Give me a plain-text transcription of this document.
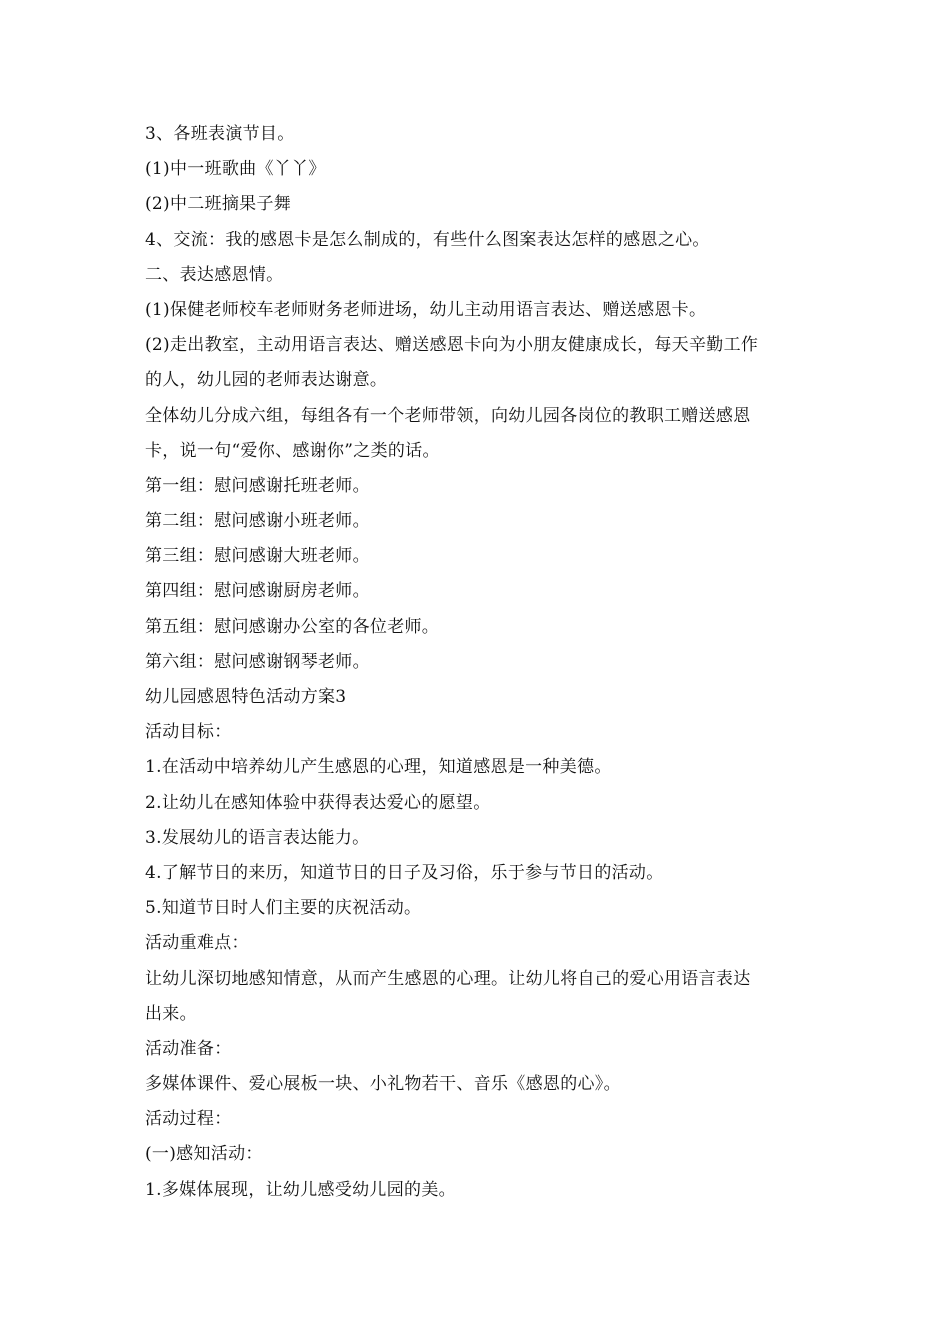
3、各班表演节目。

(1)中一班歌曲《丫丫》

(2)中二班摘果子舞

4、交流：我的感恩卡是怎么制成的，有些什么图案表达怎样的感恩之心。

二、表达感恩情。

(1)保健老师校车老师财务老师进场，幼儿主动用语言表达、赠送感恩卡。

(2)走出教室，主动用语言表达、赠送感恩卡向为小朋友健康成长，每天辛勤工作

的人，幼儿园的老师表达谢意。

全体幼儿分成六组，每组各有一个老师带领，向幼儿园各岗位的教职工赠送感恩

卡，说一句“爱你、感谢你”之类的话。

第一组：慰问感谢托班老师。

第二组：慰问感谢小班老师。

第三组：慰问感谢大班老师。

第四组：慰问感谢厨房老师。

第五组：慰问感谢办公室的各位老师。

第六组：慰问感谢钢琴老师。

幼儿园感恩特色活动方案3

活动目标：

1.在活动中培养幼儿产生感恩的心理，知道感恩是一种美德。

2.让幼儿在感知体验中获得表达爱心的愿望。

3.发展幼儿的语言表达能力。

4.了解节日的来历，知道节日的日子及习俗，乐于参与节日的活动。

5.知道节日时人们主要的庆祝活动。

活动重难点：

让幼儿深切地感知情意，从而产生感恩的心理。让幼儿将自己的爱心用语言表达

出来。

活动准备：

多媒体课件、爱心展板一块、小礼物若干、音乐《感恩的心》。

活动过程：

(一)感知活动：

1.多媒体展现，让幼儿感受幼儿园的美。
